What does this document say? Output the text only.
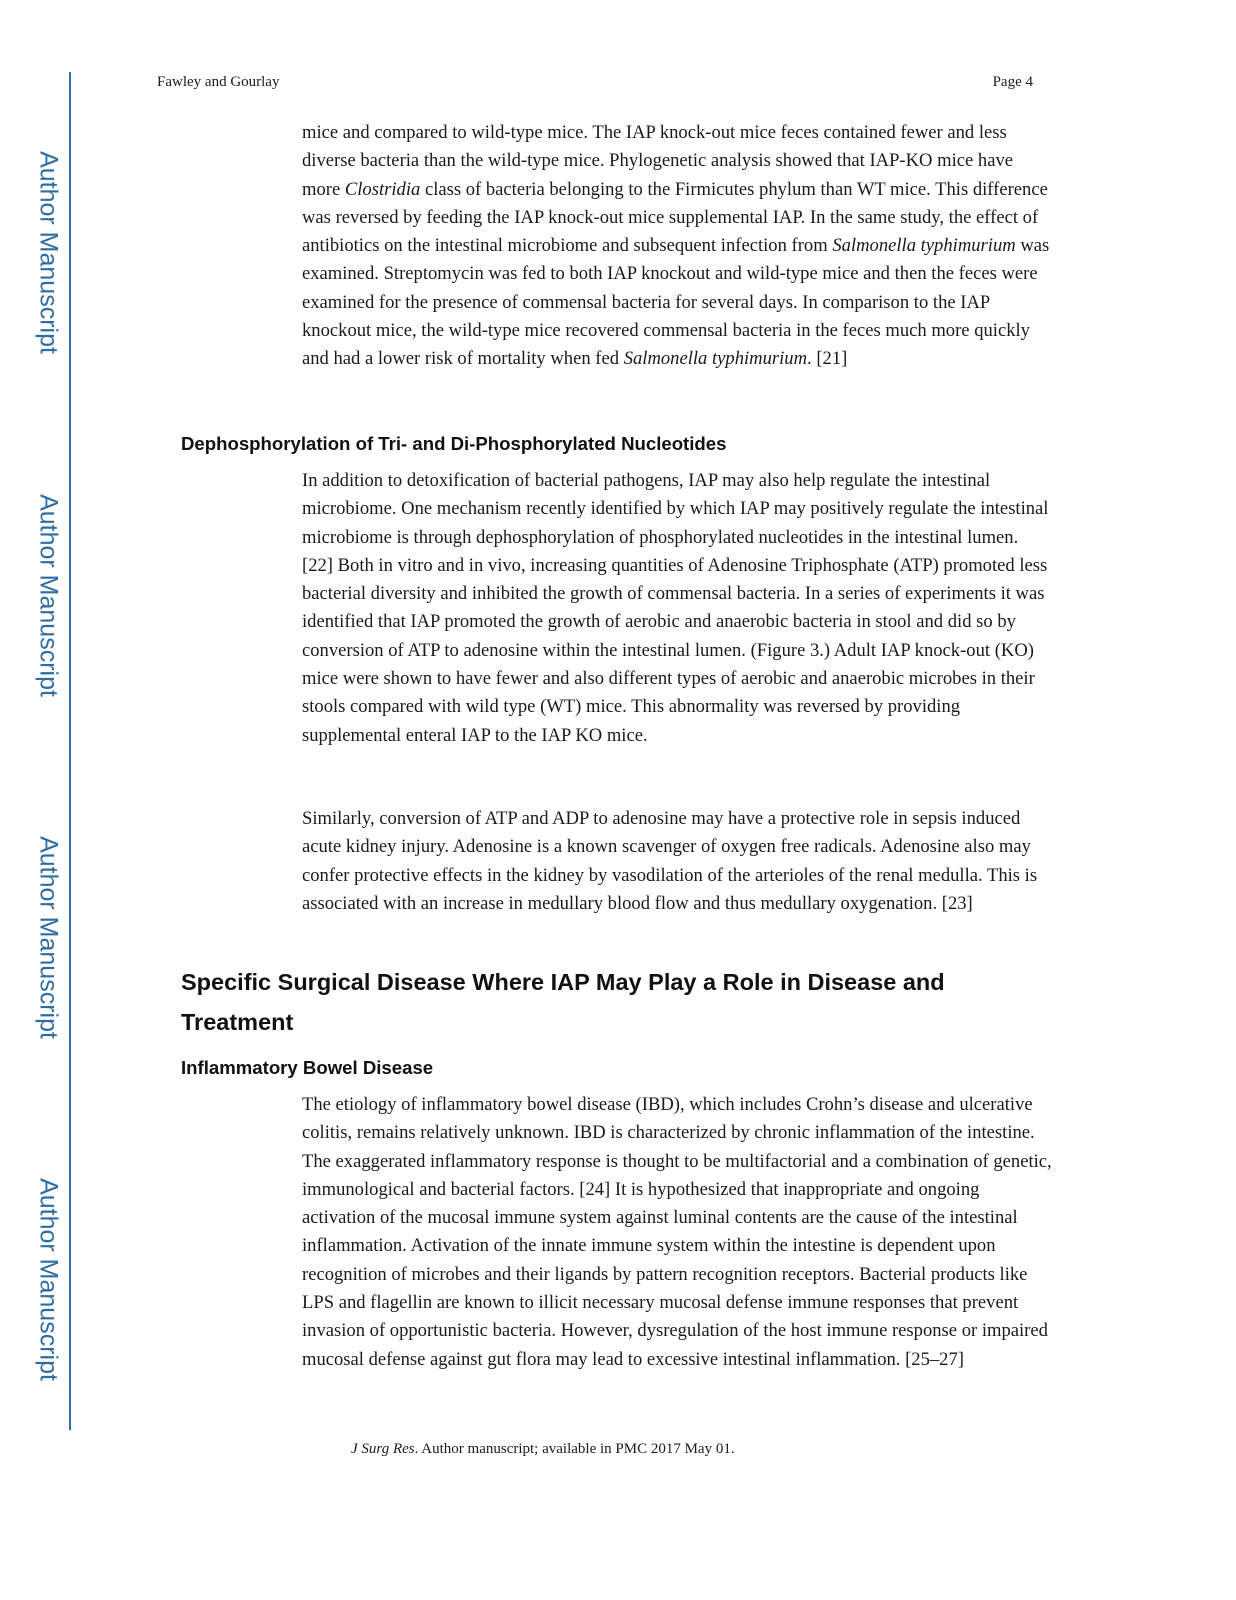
Author Manuscript
Author Manuscript
Author Manuscript
Author Manuscript
Fawley and Gourlay	Page 4

mice and compared to wild-type mice. The IAP knock-out mice feces contained fewer and less diverse bacteria than the wild-type mice. Phylogenetic analysis showed that IAP-KO mice have more Clostridia class of bacteria belonging to the Firmicutes phylum than WT mice. This difference was reversed by feeding the IAP knock-out mice supplemental IAP. In the same study, the effect of antibiotics on the intestinal microbiome and subsequent infection from Salmonella typhimurium was examined. Streptomycin was fed to both IAP knockout and wild-type mice and then the feces were examined for the presence of commensal bacteria for several days. In comparison to the IAP knockout mice, the wild-type mice recovered commensal bacteria in the feces much more quickly and had a lower risk of mortality when fed Salmonella typhimurium. [21]

Dephosphorylation of Tri- and Di-Phosphorylated Nucleotides

In addition to detoxification of bacterial pathogens, IAP may also help regulate the intestinal microbiome. One mechanism recently identified by which IAP may positively regulate the intestinal microbiome is through dephosphorylation of phosphorylated nucleotides in the intestinal lumen. [22] Both in vitro and in vivo, increasing quantities of Adenosine Triphosphate (ATP) promoted less bacterial diversity and inhibited the growth of commensal bacteria. In a series of experiments it was identified that IAP promoted the growth of aerobic and anaerobic bacteria in stool and did so by conversion of ATP to adenosine within the intestinal lumen. (Figure 3.) Adult IAP knock-out (KO) mice were shown to have fewer and also different types of aerobic and anaerobic microbes in their stools compared with wild type (WT) mice. This abnormality was reversed by providing supplemental enteral IAP to the IAP KO mice.

Similarly, conversion of ATP and ADP to adenosine may have a protective role in sepsis induced acute kidney injury. Adenosine is a known scavenger of oxygen free radicals. Adenosine also may confer protective effects in the kidney by vasodilation of the arterioles of the renal medulla. This is associated with an increase in medullary blood flow and thus medullary oxygenation. [23]

Specific Surgical Disease Where IAP May Play a Role in Disease and Treatment
Inflammatory Bowel Disease

The etiology of inflammatory bowel disease (IBD), which includes Crohn’s disease and ulcerative colitis, remains relatively unknown. IBD is characterized by chronic inflammation of the intestine. The exaggerated inflammatory response is thought to be multifactorial and a combination of genetic, immunological and bacterial factors. [24] It is hypothesized that inappropriate and ongoing activation of the mucosal immune system against luminal contents are the cause of the intestinal inflammation. Activation of the innate immune system within the intestine is dependent upon recognition of microbes and their ligands by pattern recognition receptors. Bacterial products like LPS and flagellin are known to illicit necessary mucosal defense immune responses that prevent invasion of opportunistic bacteria. However, dysregulation of the host immune response or impaired mucosal defense against gut flora may lead to excessive intestinal inflammation. [25–27]

J Surg Res. Author manuscript; available in PMC 2017 May 01.
